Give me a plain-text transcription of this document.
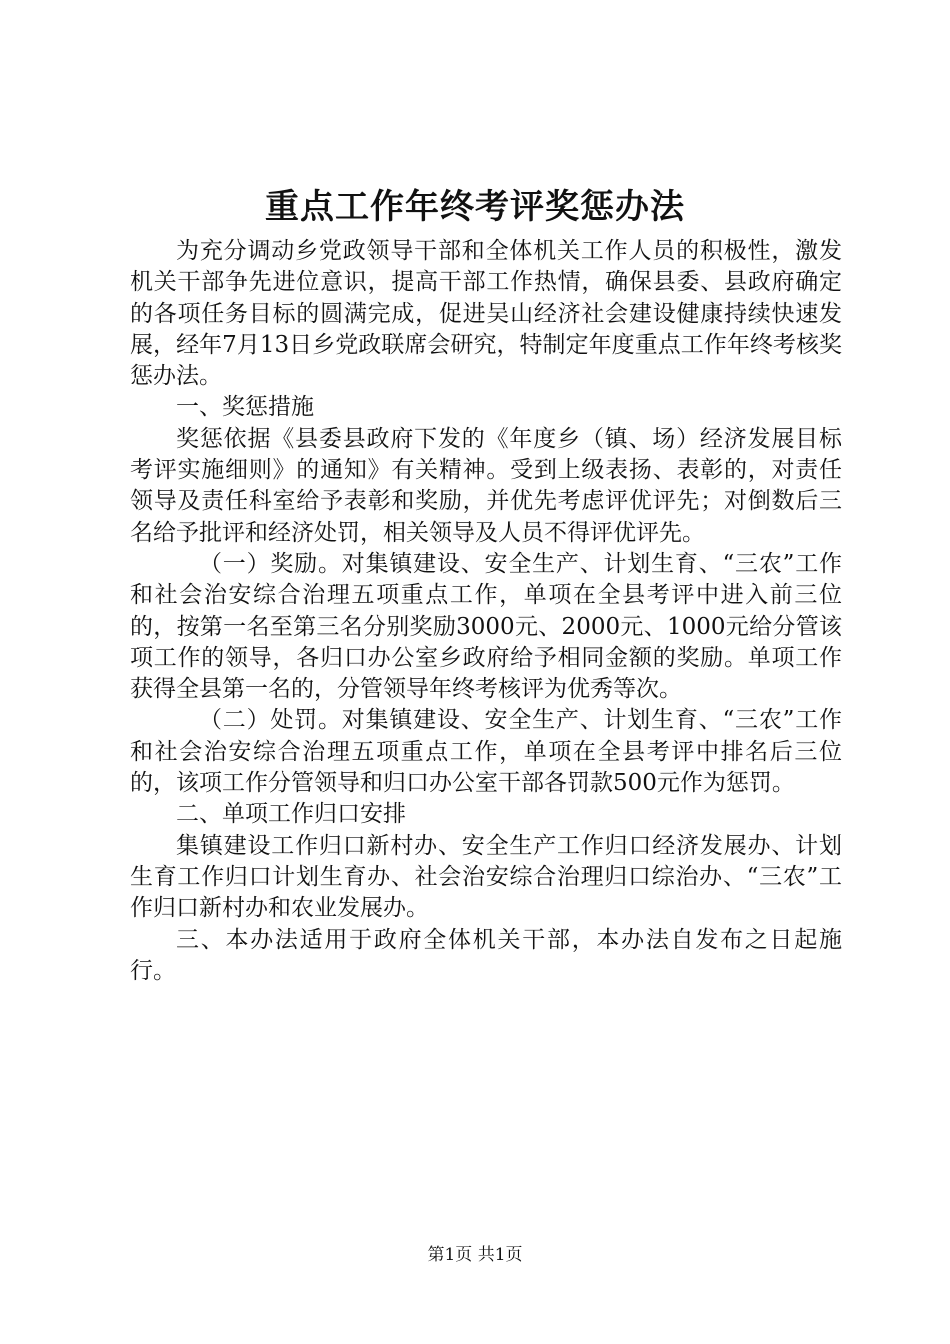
重点工作年终考评奖惩办法

为充分调动乡党政领导干部和全体机关工作人员的积极性，激发机关干部争先进位意识，提高干部工作热情，确保县委、县政府确定的各项任务目标的圆满完成，促进吴山经济社会建设健康持续快速发展，经年7月13日乡党政联席会研究，特制定年度重点工作年终考核奖惩办法。

一、奖惩措施

奖惩依据《县委县政府下发的《年度乡（镇、场）经济发展目标考评实施细则》的通知》有关精神。受到上级表扬、表彰的，对责任领导及责任科室给予表彰和奖励，并优先考虑评优评先；对倒数后三名给予批评和经济处罚，相关领导及人员不得评优评先。

（一）奖励。对集镇建设、安全生产、计划生育、“三农”工作和社会治安综合治理五项重点工作，单项在全县考评中进入前三位的，按第一名至第三名分别奖励3000元、2000元、1000元给分管该项工作的领导，各归口办公室乡政府给予相同金额的奖励。单项工作获得全县第一名的，分管领导年终考核评为优秀等次。

（二）处罚。对集镇建设、安全生产、计划生育、“三农”工作和社会治安综合治理五项重点工作，单项在全县考评中排名后三位的，该项工作分管领导和归口办公室干部各罚款500元作为惩罚。

二、单项工作归口安排

集镇建设工作归口新村办、安全生产工作归口经济发展办、计划生育工作归口计划生育办、社会治安综合治理归口综治办、“三农”工作归口新村办和农业发展办。

三、本办法适用于政府全体机关干部，本办法自发布之日起施行。

第1页 共1页
